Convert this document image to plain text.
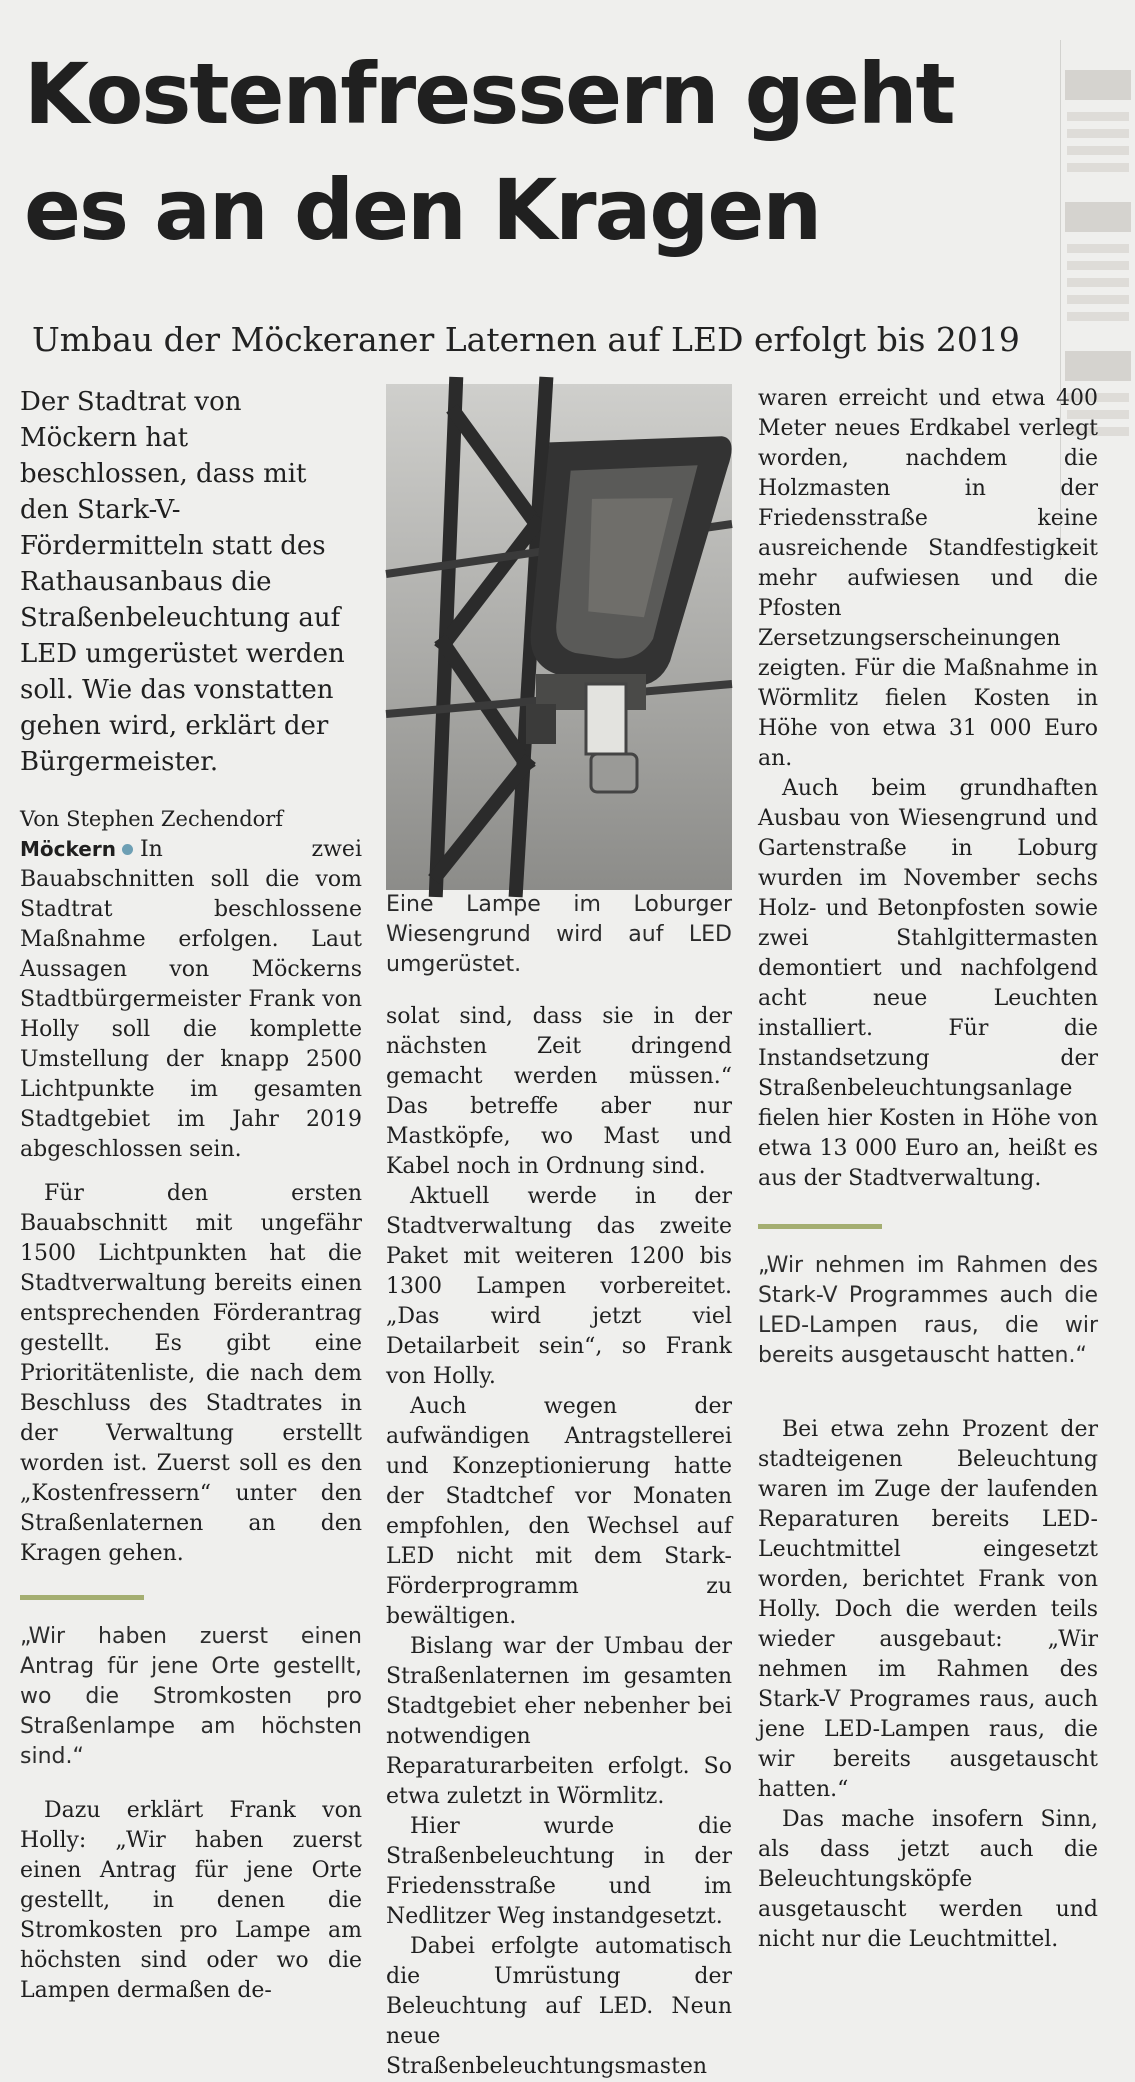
Kostenfressern geht
es an den Kragen
Umbau der Möckeraner Laternen auf LED erfolgt bis 2019

Der Stadtrat von Möckern hat beschlossen, dass mit den Stark-V-Fördermitteln statt des Rathausanbaus die Straßenbeleuchtung auf LED umgerüstet werden soll. Wie das vonstatten gehen wird, erklärt der Bürgermeister.

Von Stephen Zechendorf

Möckern In zwei Bauabschnitten soll die vom Stadtrat beschlossene Maßnahme erfolgen. Laut Aussagen von Möckerns Stadtbürgermeister Frank von Holly soll die komplette Umstellung der knapp 2500 Lichtpunkte im gesamten Stadtgebiet im Jahr 2019 abgeschlossen sein.

Für den ersten Bauabschnitt mit ungefähr 1500 Lichtpunkten hat die Stadtverwaltung bereits einen entsprechenden Förderantrag gestellt. Es gibt eine Prioritätenliste, die nach dem Beschluss des Stadtrates in der Verwaltung erstellt worden ist. Zuerst soll es den „Kostenfressern“ unter den Straßenlaternen an den Kragen gehen.

„Wir haben zuerst einen Antrag für jene Orte gestellt, wo die Stromkosten pro Straßenlampe am höchsten sind.“

Dazu erklärt Frank von Holly: „Wir haben zuerst einen Antrag für jene Orte gestellt, in denen die Stromkosten pro Lampe am höchsten sind oder wo die Lampen dermaßen de-

Eine Lampe im Loburger Wiesengrund wird auf LED umgerüstet.

solat sind, dass sie in der nächsten Zeit dringend gemacht werden müssen.“ Das betreffe aber nur Mastköpfe, wo Mast und Kabel noch in Ordnung sind.

Aktuell werde in der Stadtverwaltung das zweite Paket mit weiteren 1200 bis 1300 Lampen vorbereitet. „Das wird jetzt viel Detailarbeit sein“, so Frank von Holly.

Auch wegen der aufwändigen Antragstellerei und Konzeptionierung hatte der Stadtchef vor Monaten empfohlen, den Wechsel auf LED nicht mit dem Stark-Förderprogramm zu bewältigen.

Bislang war der Umbau der Straßenlaternen im gesamten Stadtgebiet eher nebenher bei notwendigen Reparaturarbeiten erfolgt. So etwa zuletzt in Wörmlitz.

Hier wurde die Straßenbeleuchtung in der Friedensstraße und im Nedlitzer Weg instandgesetzt.

Dabei erfolgte automatisch die Umrüstung der Beleuchtung auf LED. Neun neue Straßenbeleuchtungsmasten

waren erreicht und etwa 400 Meter neues Erdkabel verlegt worden, nachdem die Holzmasten in der Friedensstraße keine ausreichende Standfestigkeit mehr aufwiesen und die Pfosten Zersetzungserscheinungen zeigten. Für die Maßnahme in Wörmlitz fielen Kosten in Höhe von etwa 31 000 Euro an.

Auch beim grundhaften Ausbau von Wiesengrund und Gartenstraße in Loburg wurden im November sechs Holz- und Betonpfosten sowie zwei Stahlgittermasten demontiert und nachfolgend acht neue Leuchten installiert. Für die Instandsetzung der Straßenbeleuchtungsanlage fielen hier Kosten in Höhe von etwa 13 000 Euro an, heißt es aus der Stadtverwaltung.

„Wir nehmen im Rahmen des Stark-V Programmes auch die LED-Lampen raus, die wir bereits ausgetauscht hatten.“

Bei etwa zehn Prozent der stadteigenen Beleuchtung waren im Zuge der laufenden Reparaturen bereits LED-Leuchtmittel eingesetzt worden, berichtet Frank von Holly. Doch die werden teils wieder ausgebaut: „Wir nehmen im Rahmen des Stark-V Programes raus, auch jene LED-Lampen raus, die wir bereits ausgetauscht hatten.“

Das mache insofern Sinn, als dass jetzt auch die Beleuchtungsköpfe ausgetauscht werden und nicht nur die Leuchtmittel.
